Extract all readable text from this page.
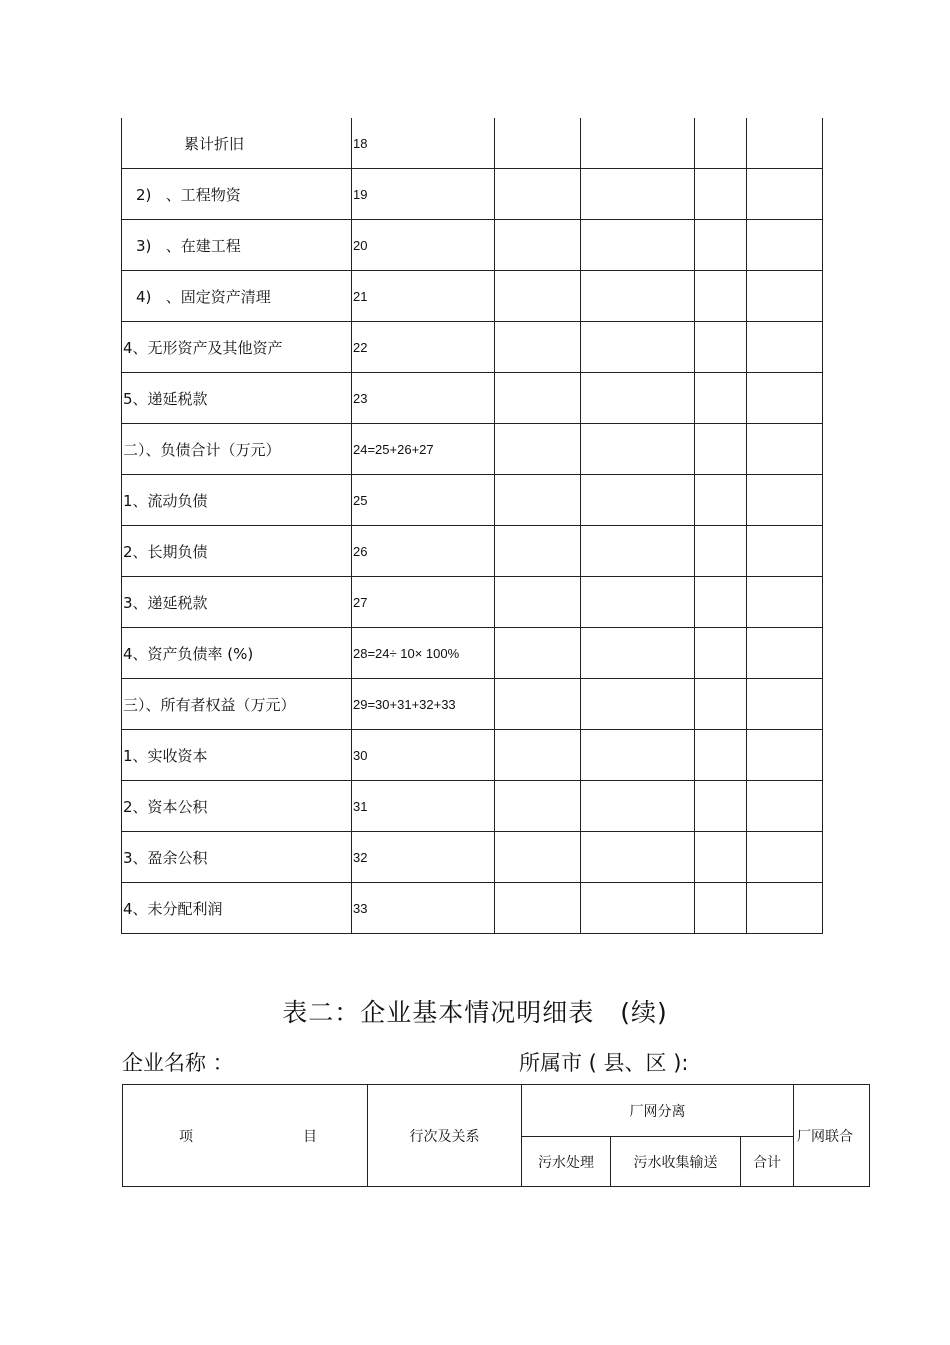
累计折旧	18				
2)   、工程物资	19				
3)   、在建工程	20				
4)   、固定资产清理	21				
4、无形资产及其他资产	22				
5、递延税款	23				
二）、负债合计（万元）	24=25+26+27				
1、流动负债	25				
2、长期负债	26				
3、递延税款	27				
4、资产负债率 (%)	28=24÷ 10× 100%				
三）、所有者权益（万元）	29=30+31+32+33				
1、实收资本	30				
2、资本公积	31				
3、盈余公积	32				
4、未分配利润	33				
表二：企业基本情况明细表　(续)
企业名称 ：	所属市 ( 县、区 ):
项 目	行次及关系	厂网分离			厂网联合
		污水处理	污水收集输送	合计	
